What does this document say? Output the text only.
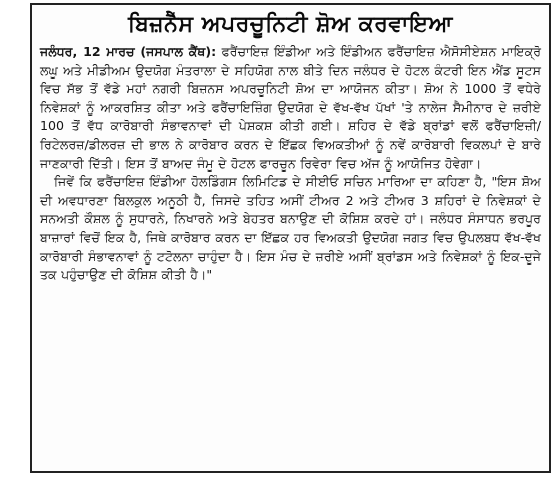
ਬਿਜ਼ਨੈੱਸ ਅਪਰਚੂਨਿਟੀ ਸ਼ੋਅ ਕਰਵਾਇਆ

ਜਲੰਧਰ, 12 ਮਾਰਚ (ਜਸਪਾਲ ਕੈਂਥ): ਫਰੈਂਚਾਇਜ਼ ਇੰਡੀਆ ਅਤੇ ਇੰਡੀਅਨ ਫਰੈਂਚਾਇਜ਼ ਐਸੋਸੀਏਸ਼ਨ ਮਾਇਕ੍ਰੋ ਲਘੂ ਅਤੇ ਮੀਡੀਅਮ ਉਦਯੋਗ ਮੰਤਰਾਲਾ ਦੇ ਸਹਿਯੋਗ ਨਾਲ ਬੀਤੇ ਦਿਨ ਜਲੰਧਰ ਦੇ ਹੋਟਲ ਕੰਟਰੀ ਇਨ ਐਂਡ ਸੂਟਸ ਵਿਚ ਸੱਭ ਤੋਂ ਵੱਡੇ ਮਹਾਂ ਨਗਰੀ ਬਿਜ਼ਨਸ ਅਪਰਚੂਨਿਟੀ ਸ਼ੋਅ ਦਾ ਆਯੋਜਨ ਕੀਤਾ। ਸ਼ੋਅ ਨੇ 1000 ਤੋਂ ਵਧੇਰੇ ਨਿਵੇਸ਼ਕਾਂ ਨੂੰ ਆਕਰਸ਼ਿਤ ਕੀਤਾ ਅਤੇ ਫਰੈਂਚਾਇਜ਼ਿੰਗ ਉਦਯੋਗ ਦੇ ਵੱਖ-ਵੱਖ ਪੱਖਾਂ 'ਤੇ ਨਾਲੇਜ ਸੈਮੀਨਾਰ ਦੇ ਜ਼ਰੀਏ 100 ਤੋਂ ਵੱਧ ਕਾਰੋਬਾਰੀ ਸੰਭਾਵਨਾਵਾਂ ਦੀ ਪੇਸ਼ਕਸ਼ ਕੀਤੀ ਗਈ। ਸ਼ਹਿਰ ਦੇ ਵੱਡੇ ਬ੍ਰਾਂਡਾਂ ਵਲੋਂ ਫਰੈਂਚਾਇਜ਼ੀ/ਰਿਟੇਲਰਜ਼/ਡੀਲਰਜ਼ ਦੀ ਭਾਲ ਨੇ ਕਾਰੋਬਾਰ ਕਰਨ ਦੇ ਇੱਛਕ ਵਿਅਕਤੀਆਂ ਨੂੰ ਨਵੇਂ ਕਾਰੋਬਾਰੀ ਵਿਕਲਪਾਂ ਦੇ ਬਾਰੇ ਜਾਣਕਾਰੀ ਦਿੱਤੀ। ਇਸ ਤੋਂ ਬਾਅਦ ਜੰਮੂ ਦੇ ਹੋਟਲ ਫਾਰਚੂਨ ਰਿਵੇਰਾ ਵਿਚ ਅੱਜ ਨੂੰ ਆਯੋਜਿਤ ਹੋਵੇਗਾ।

ਜਿਵੇਂ ਕਿ ਫਰੈਂਚਾਇਜ਼ ਇੰਡੀਆ ਹੋਲਡਿੰਗਸ ਲਿਮਿਟਿਡ ਦੇ ਸੀਈਓ ਸਚਿਨ ਮਾਰਿਆ ਦਾ ਕਹਿਣਾ ਹੈ, "ਇਸ ਸ਼ੋਅ ਦੀ ਅਵਧਾਰਣਾ ਬਿਲਕੁਲ ਅਨੂਠੀ ਹੈ, ਜਿਸਦੇ ਤਹਿਤ ਅਸੀਂ ਟੀਅਰ 2 ਅਤੇ ਟੀਅਰ 3 ਸ਼ਹਿਰਾਂ ਦੇ ਨਿਵੇਸ਼ਕਾਂ ਦੇ ਸਨਅਤੀ ਕੌਸ਼ਲ ਨੂੰ ਸੁਧਾਰਨੇ, ਨਿਖਾਰਨੇ ਅਤੇ ਬੇਹਤਰ ਬਨਾਉਣ ਦੀ ਕੋਸ਼ਿਸ਼ ਕਰਦੇ ਹਾਂ। ਜਲੰਧਰ ਸੰਸਾਧਨ ਭਰਪੂਰ ਬਾਜ਼ਾਰਾਂ ਵਿਚੋਂ ਇਕ ਹੈ, ਜਿਥੇ ਕਾਰੋਬਾਰ ਕਰਨ ਦਾ ਇੱਛਕ ਹਰ ਵਿਅਕਤੀ ਉਦਯੋਗ ਜਗਤ ਵਿਚ ਉਪਲਬਧ ਵੱਖ-ਵੱਖ ਕਾਰੋਬਾਰੀ ਸੰਭਾਵਨਾਵਾਂ ਨੂੰ ਟਟੋਲਨਾ ਚਾਹੁੰਦਾ ਹੈ। ਇਸ ਮੰਚ ਦੇ ਜ਼ਰੀਏ ਅਸੀਂ ਬ੍ਰਾਂਡਸ ਅਤੇ ਨਿਵੇਸ਼ਕਾਂ ਨੂੰ ਇਕ-ਦੂਜੇ ਤਕ ਪਹੁੰਚਾਉਣ ਦੀ ਕੋਸ਼ਿਸ਼ ਕੀਤੀ ਹੈ।"
